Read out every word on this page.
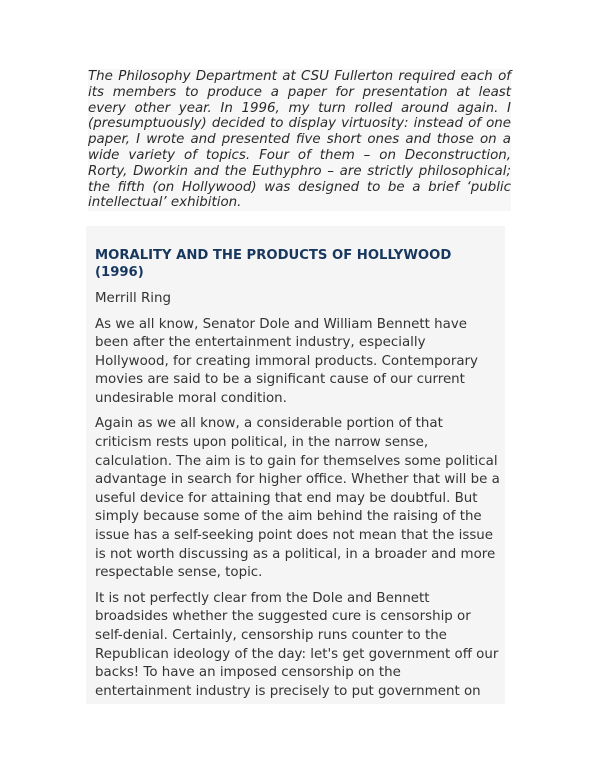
The Philosophy Department at CSU Fullerton required each of its members to produce a paper for presentation at least every other year. In 1996, my turn rolled around again. I (presumptuously) decided to display virtuosity: instead of one paper, I wrote and presented five short ones and those on a wide variety of topics. Four of them – on Deconstruction, Rorty, Dworkin and the Euthyphro – are strictly philosophical; the fifth (on Hollywood) was designed to be a brief ‘public intellectual’ exhibition.

MORALITY AND THE PRODUCTS OF HOLLYWOOD (1996)

Merrill Ring

As we all know, Senator Dole and William Bennett have been after the entertainment industry, especially Hollywood, for creating immoral products. Contemporary movies are said to be a significant cause of our current undesirable moral condition.

Again as we all know, a considerable portion of that criticism rests upon political, in the narrow sense, calculation. The aim is to gain for themselves some political advantage in search for higher office. Whether that will be a useful device for attaining that end may be doubtful. But simply because some of the aim behind the raising of the issue has a self-seeking point does not mean that the issue is not worth discussing as a political, in a broader and more respectable sense, topic.

It is not perfectly clear from the Dole and Bennett broadsides whether the suggested cure is censorship or self-denial. Certainly, censorship runs counter to the Republican ideology of the day: let's get government off our backs! To have an imposed censorship on the entertainment industry is precisely to put government on
